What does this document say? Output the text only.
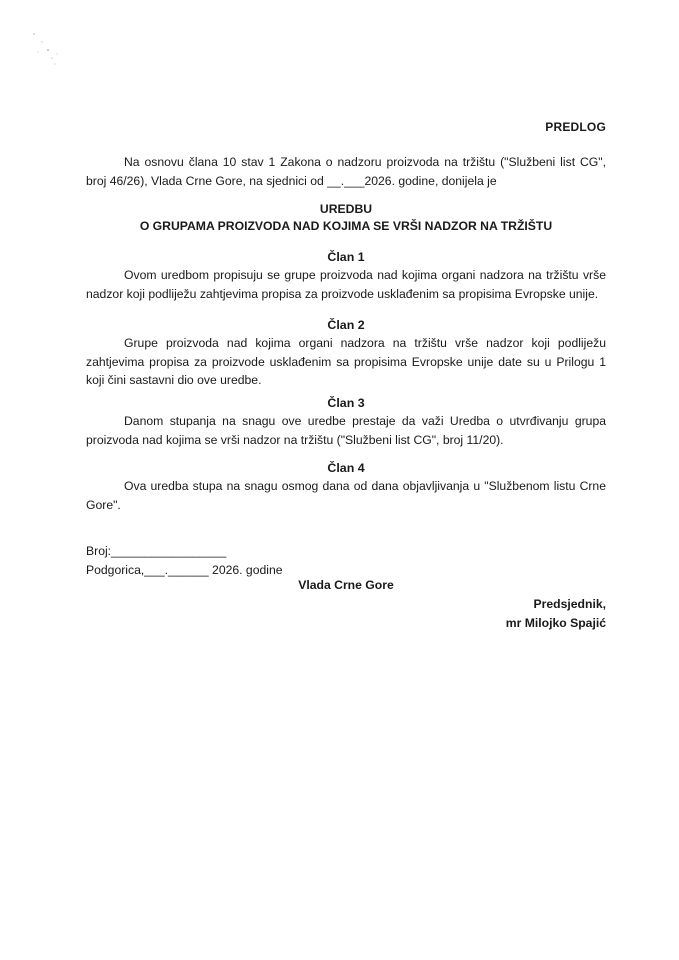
PREDLOG
Na osnovu člana 10 stav 1 Zakona o nadzoru proizvoda na tržištu ("Službeni list CG", broj 46/26), Vlada Crne Gore, na sjednici od __.___2026. godine, donijela je
UREDBU
O GRUPAMA PROIZVODA NAD KOJIMA SE VRŠI NADZOR NA TRŽIŠTU
Član 1
Ovom uredbom propisuju se grupe proizvoda nad kojima organi nadzora na tržištu vrše nadzor koji podliježu zahtjevima propisa za proizvode usklađenim sa propisima Evropske unije.
Član 2
Grupe proizvoda nad kojima organi nadzora na tržištu vrše nadzor koji podliježu zahtjevima propisa za proizvode usklađenim sa propisima Evropske unije date su u Prilogu 1 koji čini sastavni dio ove uredbe.
Član 3
Danom stupanja na snagu ove uredbe prestaje da važi Uredba o utvrđivanju grupa proizvoda nad kojima se vrši nadzor na tržištu ("Službeni list CG", broj 11/20).
Član 4
Ova uredba stupa na snagu osmog dana od dana objavljivanja u "Službenom listu Crne Gore".
Broj:_________________
Podgorica,___.______ 2026. godine
Vlada Crne Gore
Predsjednik,
mr Milojko Spajić
